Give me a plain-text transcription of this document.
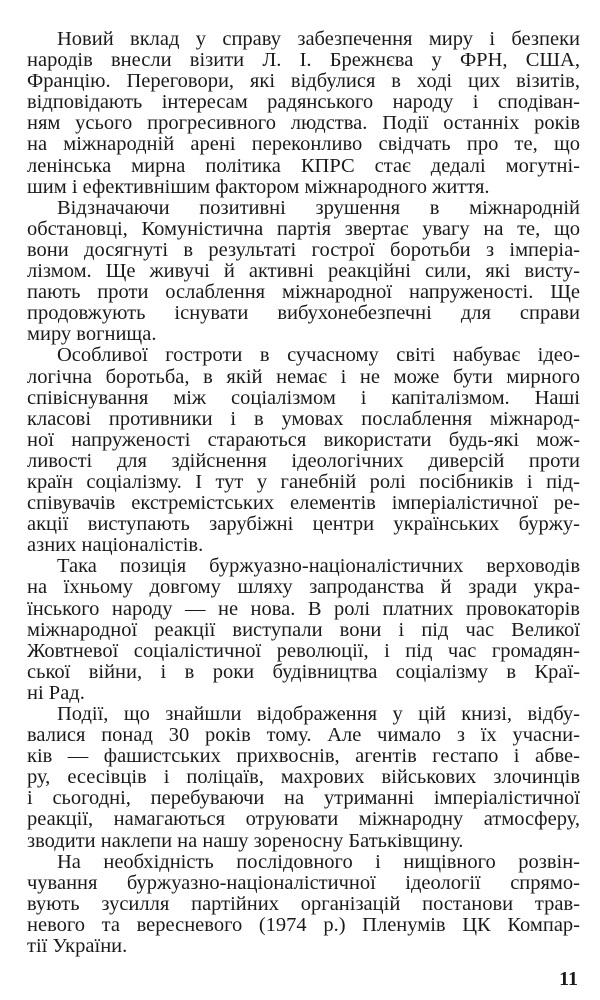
Новий вклад у справу забезпечення миру і безпеки
народів внесли візити Л. І. Брежнєва у ФРН, США,
Францію. Переговори, які відбулися в ході цих візитів,
відповідають інтересам радянського народу і сподіван-
ням усього прогресивного людства. Події останніх років
на міжнародній арені переконливо свідчать про те, що
ленінська мирна політика КПРС стає дедалі могутні-
шим і ефективнішим фактором міжнародного життя.
Відзначаючи позитивні зрушення в міжнародній
обстановці, Комуністична партія звертає увагу на те, що
вони досягнуті в результаті гострої боротьби з імперіа-
лізмом. Ще живучі й активні реакційні сили, які висту-
пають проти ослаблення міжнародної напруженості. Ще
продовжують існувати вибухонебезпечні для справи
миру вогнища.
Особливої гостроти в сучасному світі набуває ідео-
логічна боротьба, в якій немає і не може бути мирного
співіснування між соціалізмом і капіталізмом. Наші
класові противники і в умовах послаблення міжнарод-
ної напруженості стараються використати будь-які мож-
ливості для здійснення ідеологічних диверсій проти
країн соціалізму. І тут у ганебній ролі посібників і під-
співувачів екстремістських елементів імперіалістичної ре-
акції виступають зарубіжні центри українських буржу-
азних націоналістів.
Така позиція буржуазно-націоналістичних верховодів
на їхньому довгому шляху запроданства й зради укра-
їнського народу — не нова. В ролі платних провокаторів
міжнародної реакції виступали вони і під час Великої
Жовтневої соціалістичної революції, і під час громадян-
ської війни, і в роки будівництва соціалізму в Краї-
ні Рад.
Події, що знайшли відображення у цій книзі, відбу-
валися понад 30 років тому. Але чимало з їх учасни-
ків — фашистських прихвоснів, агентів гестапо і абве-
ру, есесівців і поліцаїв, махрових військових злочинців
і сьогодні, перебуваючи на утриманні імперіалістичної
реакції, намагаються отруювати міжнародну атмосферу,
зводити наклепи на нашу зореносну Батьківщину.
На необхідність послідовного і нищівного розвін-
чування буржуазно-націоналістичної ідеології спрямо-
вують зусилля партійних організацій постанови трав-
невого та вересневого (1974 р.) Пленумів ЦК Компар-
тії України.
11
